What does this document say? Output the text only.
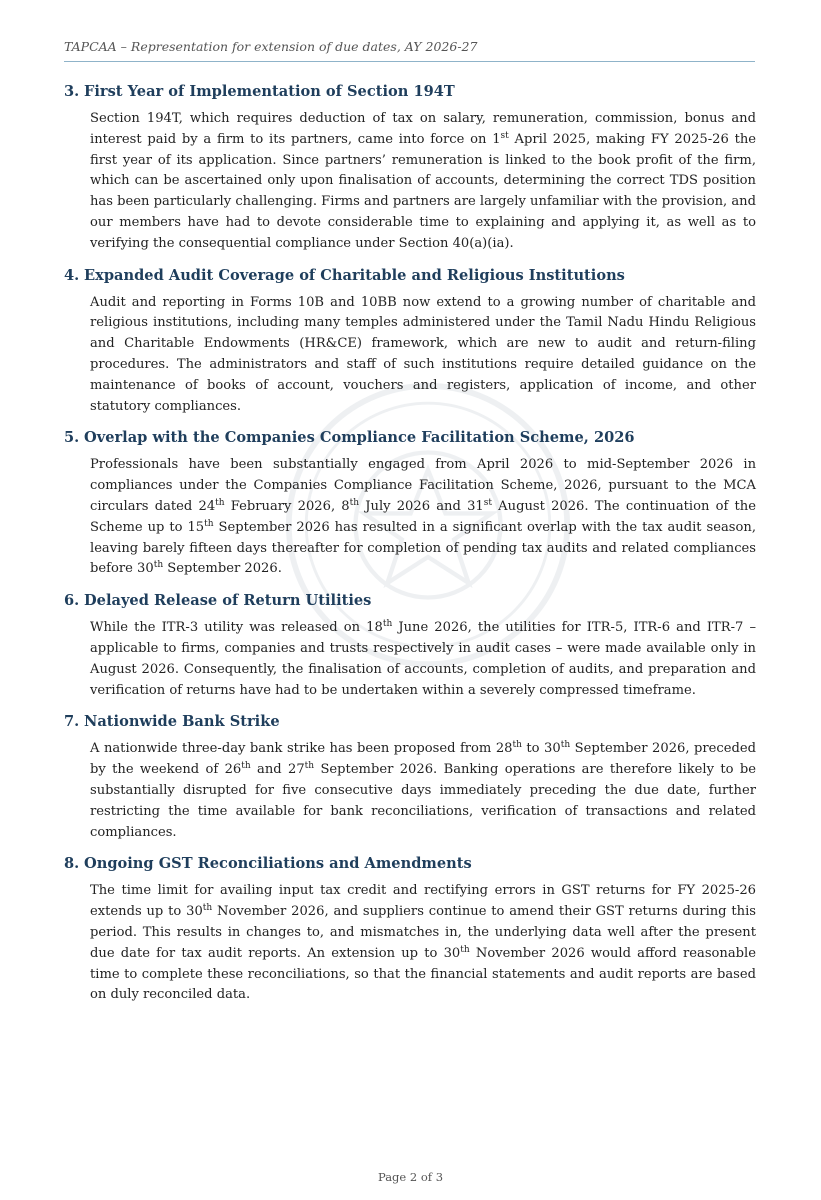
TAPCAA – Representation for extension of due dates, AY 2026-27
3. First Year of Implementation of Section 194T

Section 194T, which requires deduction of tax on salary, remuneration, commission, bonus and interest paid by a firm to its partners, came into force on 1st April 2025, making FY 2025-26 the first year of its application. Since partners’ remuneration is linked to the book profit of the firm, which can be ascertained only upon finalisation of accounts, determining the correct TDS position has been particularly challenging. Firms and partners are largely unfamiliar with the provision, and our members have had to devote considerable time to explaining and applying it, as well as to verifying the consequential compliance under Section 40(a)(ia).

4. Expanded Audit Coverage of Charitable and Religious Institutions

Audit and reporting in Forms 10B and 10BB now extend to a growing number of charitable and religious institutions, including many temples administered under the Tamil Nadu Hindu Religious and Charitable Endowments (HR&CE) framework, which are new to audit and return-filing procedures. The administrators and staff of such institutions require detailed guidance on the maintenance of books of account, vouchers and registers, application of income, and other statutory compliances.

5. Overlap with the Companies Compliance Facilitation Scheme, 2026

Professionals have been substantially engaged from April 2026 to mid-September 2026 in compliances under the Companies Compliance Facilitation Scheme, 2026, pursuant to the MCA circulars dated 24th February 2026, 8th July 2026 and 31st August 2026. The continuation of the Scheme up to 15th September 2026 has resulted in a significant overlap with the tax audit season, leaving barely fifteen days thereafter for completion of pending tax audits and related compliances before 30th September 2026.

6. Delayed Release of Return Utilities

While the ITR-3 utility was released on 18th June 2026, the utilities for ITR-5, ITR-6 and ITR-7 – applicable to firms, companies and trusts respectively in audit cases – were made available only in August 2026. Consequently, the finalisation of accounts, completion of audits, and preparation and verification of returns have had to be undertaken within a severely compressed timeframe.

7. Nationwide Bank Strike

A nationwide three-day bank strike has been proposed from 28th to 30th September 2026, preceded by the weekend of 26th and 27th September 2026. Banking operations are therefore likely to be substantially disrupted for five consecutive days immediately preceding the due date, further restricting the time available for bank reconciliations, verification of transactions and related compliances.

8. Ongoing GST Reconciliations and Amendments

The time limit for availing input tax credit and rectifying errors in GST returns for FY 2025-26 extends up to 30th November 2026, and suppliers continue to amend their GST returns during this period. This results in changes to, and mismatches in, the underlying data well after the present due date for tax audit reports. An extension up to 30th November 2026 would afford reasonable time to complete these reconciliations, so that the financial statements and audit reports are based on duly reconciled data.

Page 2 of 3
